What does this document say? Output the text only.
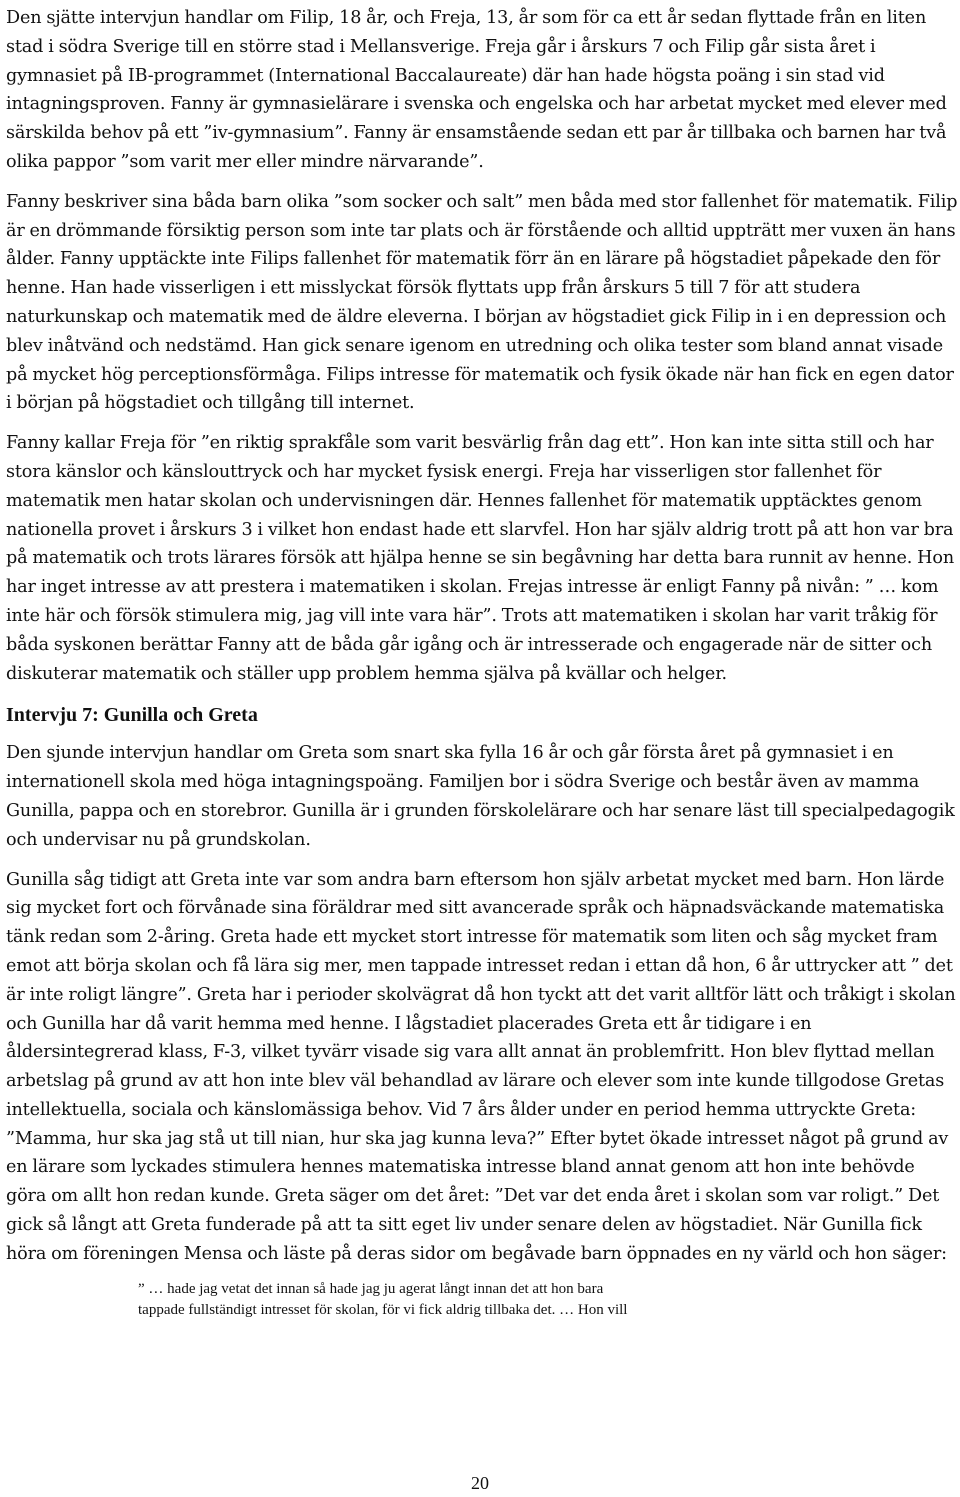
Den sjätte intervjun handlar om Filip, 18 år, och Freja, 13, år som för ca ett år sedan flyttade från en liten stad i södra Sverige till en större stad i Mellansverige. Freja går i årskurs 7 och Filip går sista året i gymnasiet på IB-programmet (International Baccalaureate) där han hade högsta poäng i sin stad vid intagningsproven. Fanny är gymnasielärare i svenska och engelska och har arbetat mycket med elever med särskilda behov på ett ”iv-gymnasium”. Fanny är ensamstående sedan ett par år tillbaka och barnen har två olika pappor ”som varit mer eller mindre närvarande”.

Fanny beskriver sina båda barn olika ”som socker och salt” men båda med stor fallenhet för matematik. Filip är en drömmande försiktig person som inte tar plats och är förstående och alltid uppträtt mer vuxen än hans ålder. Fanny upptäckte inte Filips fallenhet för matematik förr än en lärare på högstadiet påpekade den för henne. Han hade visserligen i ett misslyckat försök flyttats upp från årskurs 5 till 7 för att studera naturkunskap och matematik med de äldre eleverna. I början av högstadiet gick Filip in i en depression och blev inåtvänd och nedstämd. Han gick senare igenom en utredning och olika tester som bland annat visade på mycket hög perceptionsförmåga. Filips intresse för matematik och fysik ökade när han fick en egen dator i början på högstadiet och tillgång till internet.

Fanny kallar Freja för ”en riktig sprakfåle som varit besvärlig från dag ett”. Hon kan inte sitta still och har stora känslor och känslouttryck och har mycket fysisk energi. Freja har visserligen stor fallenhet för matematik men hatar skolan och undervisningen där. Hennes fallenhet för matematik upptäcktes genom nationella provet i årskurs 3 i vilket hon endast hade ett slarvfel. Hon har själv aldrig trott på att hon var bra på matematik och trots lärares försök att hjälpa henne se sin begåvning har detta bara runnit av henne. Hon har inget intresse av att prestera i matematiken i skolan. Frejas intresse är enligt Fanny på nivån: ” … kom inte här och försök stimulera mig, jag vill inte vara här”. Trots att matematiken i skolan har varit tråkig för båda syskonen berättar Fanny att de båda går igång och är intresserade och engagerade när de sitter och diskuterar matematik och ställer upp problem hemma själva på kvällar och helger.

Intervju 7: Gunilla och Greta

Den sjunde intervjun handlar om Greta som snart ska fylla 16 år och går första året på gymnasiet i en internationell skola med höga intagningspoäng. Familjen bor i södra Sverige och består även av mamma Gunilla, pappa och en storebror. Gunilla är i grunden förskolelärare och har senare läst till specialpedagogik och undervisar nu på grundskolan.

Gunilla såg tidigt att Greta inte var som andra barn eftersom hon själv arbetat mycket med barn. Hon lärde sig mycket fort och förvånade sina föräldrar med sitt avancerade språk och häpnadsväckande matematiska tänk redan som 2-åring. Greta hade ett mycket stort intresse för matematik som liten och såg mycket fram emot att börja skolan och få lära sig mer, men tappade intresset redan i ettan då hon, 6 år uttrycker att ” det är inte roligt längre”. Greta har i perioder skolvägrat då hon tyckt att det varit alltför lätt och tråkigt i skolan och Gunilla har då varit hemma med henne. I lågstadiet placerades Greta ett år tidigare i en åldersintegrerad klass, F-3, vilket tyvärr visade sig vara allt annat än problemfritt. Hon blev flyttad mellan arbetslag på grund av att hon inte blev väl behandlad av lärare och elever som inte kunde tillgodose Gretas intellektuella, sociala och känslomässiga behov. Vid 7 års ålder under en period hemma uttryckte Greta: ”Mamma, hur ska jag stå ut till nian, hur ska jag kunna leva?” Efter bytet ökade intresset något på grund av en lärare som lyckades stimulera hennes matematiska intresse bland annat genom att hon inte behövde göra om allt hon redan kunde. Greta säger om det året: ”Det var det enda året i skolan som var roligt.” Det gick så långt att Greta funderade på att ta sitt eget liv under senare delen av högstadiet. När Gunilla fick höra om föreningen Mensa och läste på deras sidor om begåvade barn öppnades en ny värld och hon säger:

” … hade jag vetat det innan så hade jag ju agerat långt innan det att hon bara
tappade fullständigt intresset för skolan, för vi fick aldrig tillbaka det. … Hon vill
20
